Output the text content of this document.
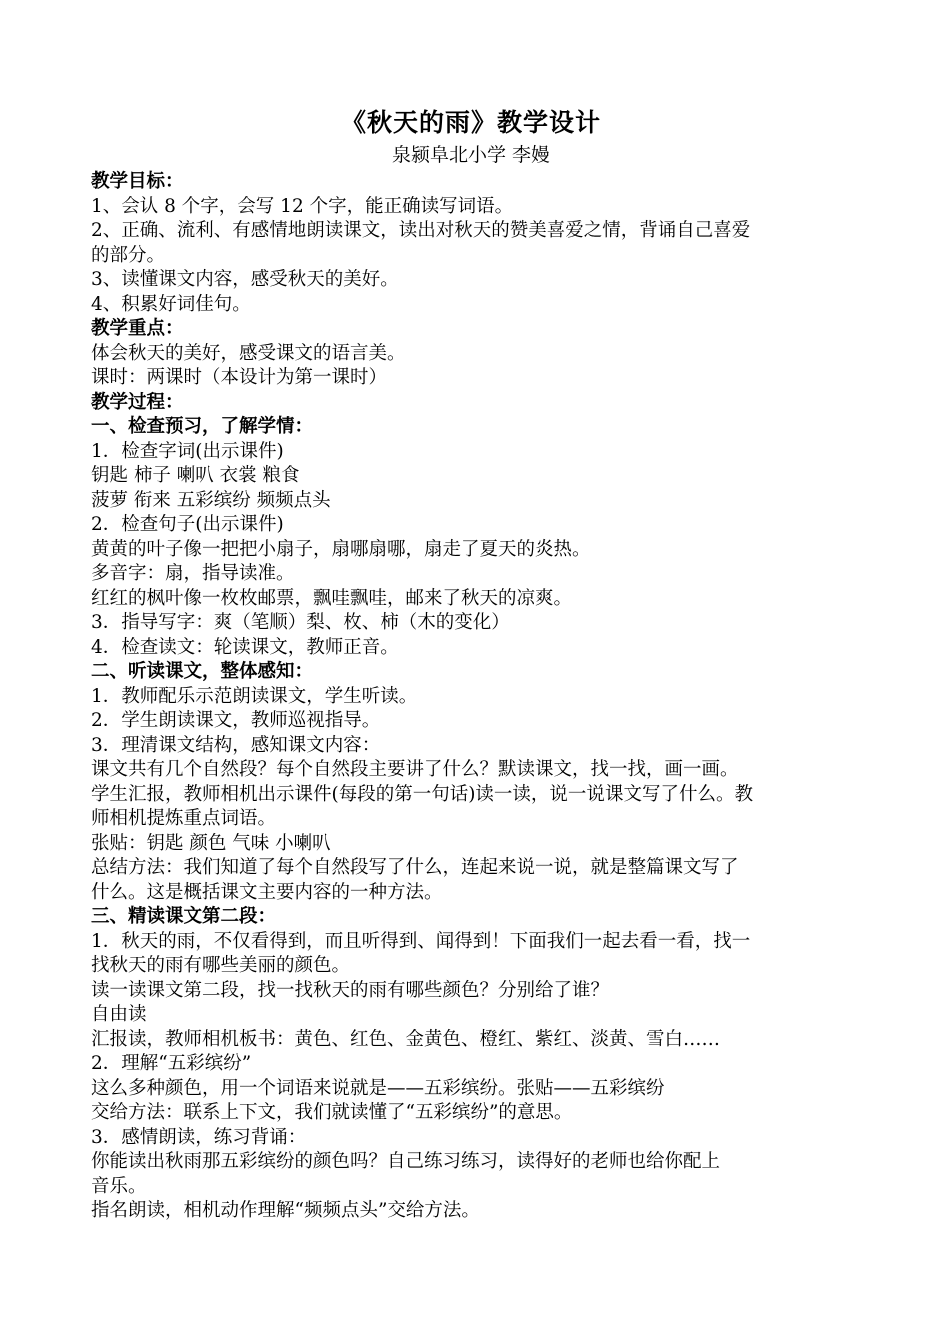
《秋天的雨》教学设计
泉颍阜北小学 李嫚
教学目标：
1、会认 8 个字，会写 12 个字，能正确读写词语。
2、正确、流利、有感情地朗读课文，读出对秋天的赞美喜爱之情，背诵自己喜爱
的部分。
3、读懂课文内容，感受秋天的美好。
4、积累好词佳句。
教学重点：
体会秋天的美好，感受课文的语言美。
课时：两课时（本设计为第一课时）
教学过程：
一、检查预习，了解学情：
1．检查字词(出示课件)
钥匙 柿子 喇叭 衣裳 粮食
菠萝 衔来 五彩缤纷 频频点头
2．检查句子(出示课件)
黄黄的叶子像一把把小扇子，扇哪扇哪，扇走了夏天的炎热。
多音字：扇，指导读准。
红红的枫叶像一枚枚邮票，飘哇飘哇，邮来了秋天的凉爽。
3．指导写字：爽（笔顺）梨、枚、柿（木的变化）
4．检查读文：轮读课文，教师正音。
二、听读课文，整体感知：
1．教师配乐示范朗读课文，学生听读。
2．学生朗读课文，教师巡视指导。
3．理清课文结构，感知课文内容：
课文共有几个自然段？每个自然段主要讲了什么？默读课文，找一找，画一画。
学生汇报，教师相机出示课件(每段的第一句话)读一读，说一说课文写了什么。教
师相机提炼重点词语。
张贴：钥匙 颜色 气味 小喇叭
总结方法：我们知道了每个自然段写了什么，连起来说一说，就是整篇课文写了
什么。这是概括课文主要内容的一种方法。
三、精读课文第二段：
1．秋天的雨，不仅看得到，而且听得到、闻得到！下面我们一起去看一看，找一
找秋天的雨有哪些美丽的颜色。
读一读课文第二段，找一找秋天的雨有哪些颜色？分别给了谁？
自由读
汇报读，教师相机板书：黄色、红色、金黄色、橙红、紫红、淡黄、雪白……
2．理解“五彩缤纷”
这么多种颜色，用一个词语来说就是——五彩缤纷。张贴——五彩缤纷
交给方法：联系上下文，我们就读懂了“五彩缤纷”的意思。
3．感情朗读，练习背诵：
你能读出秋雨那五彩缤纷的颜色吗？自己练习练习，读得好的老师也给你配上
音乐。
指名朗读，相机动作理解“频频点头”交给方法。
